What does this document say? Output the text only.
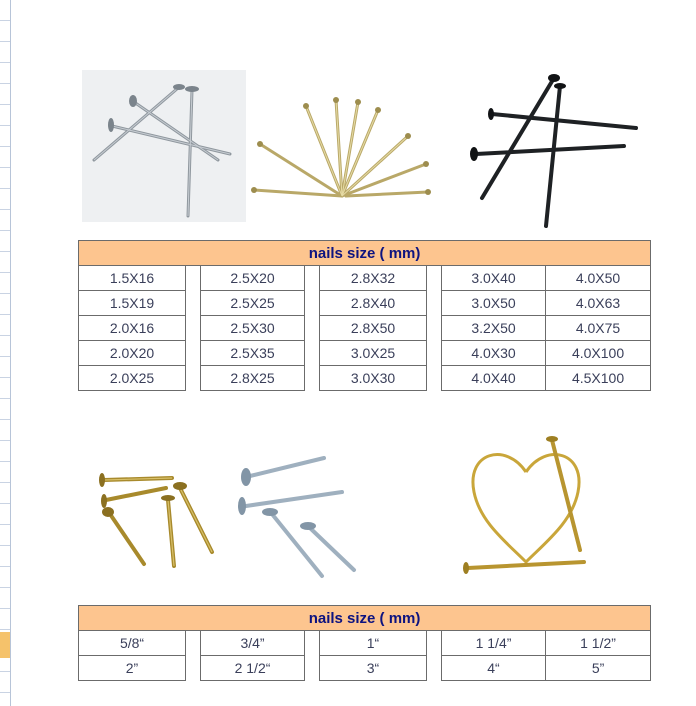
nails size ( mm)							
1.5X16		2.5X20		2.8X32		3.0X40	4.0X50
1.5X19		2.5X25		2.8X40		3.0X50	4.0X63
2.0X16		2.5X30		2.8X50		3.2X50	4.0X75
2.0X20		2.5X35		3.0X25		4.0X30	4.0X100
2.0X25		2.8X25		3.0X30		4.0X40	4.5X100
nails size ( mm)							
5/8“		3/4”		1“		1 1/4”	1 1/2”
2”		2 1/2“		3“		4“	5”
